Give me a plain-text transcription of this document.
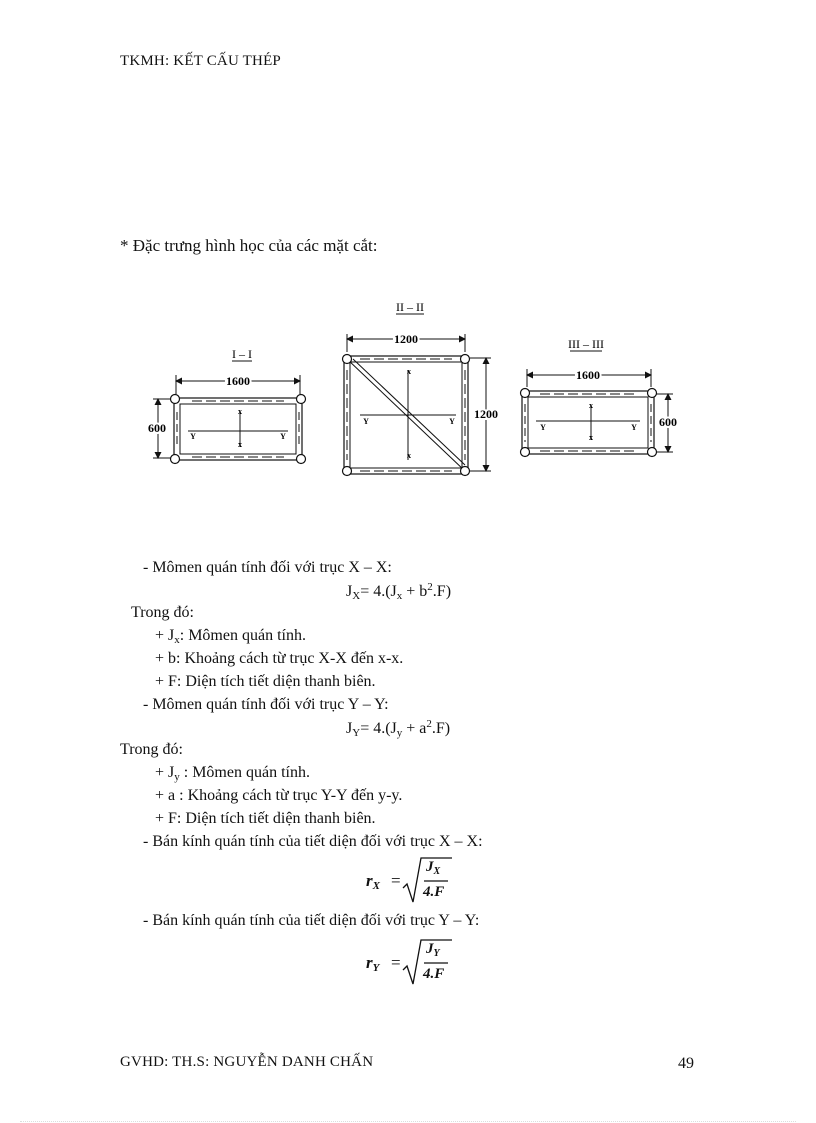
TKMH: KẾT CẤU THÉP
* Đặc trưng hình học của các mặt cắt:
I – I
1600
600
Y	Y
x
x
II – II
1200
1200
Y	Y
x
x
III – III
1600
600
Y	Y
x
x
- Mômen quán tính đối với trục X – X:
$J_X= 4.(J_x + b^2.F)$
Trong đó:
+ $J_x$: Mômen quán tính.
+ b: Khoảng cách từ trục X-X đến x-x.
+ F: Diện tích tiết diện thanh biên.
- Mômen quán tính đối với trục Y – Y:
$J_Y= 4.(J_y + a^2.F)$
Trong đó:
+ $J_y$ : Mômen quán tính.
+ a : Khoảng cách từ trục Y-Y đến y-y.
+ F: Diện tích tiết diện thanh biên.
- Bán kính quán tính của tiết diện đối với trục X – X:
rX =
$J_X$
4.F
- Bán kính quán tính của tiết diện đối với trục Y – Y:
rY =
$J_Y$
4.F
GVHD: TH.S: NGUYỄN DANH CHẤN	49
